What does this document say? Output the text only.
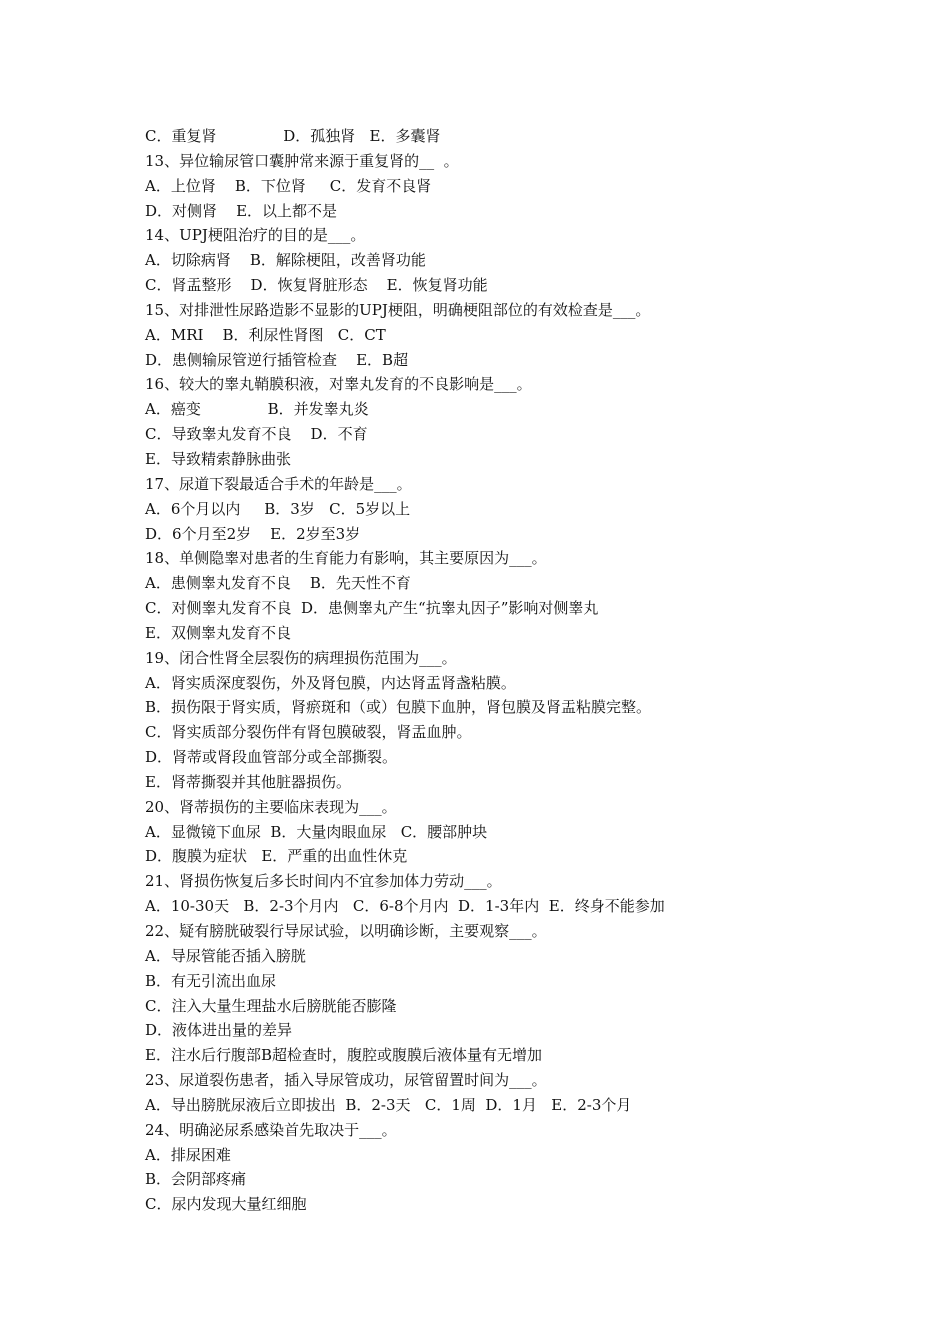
C．重复肾              D．孤独肾   E．多囊肾
13、异位输尿管口囊肿常来源于重复肾的__  。
A．上位肾    B．下位肾     C．发育不良肾
D．对侧肾    E．以上都不是
14、UPJ梗阻治疗的目的是___。
A．切除病肾    B．解除梗阻，改善肾功能
C．肾盂整形    D．恢复肾脏形态    E．恢复肾功能
15、对排泄性尿路造影不显影的UPJ梗阻，明确梗阻部位的有效检查是___。
A．MRI    B．利尿性肾图   C．CT
D．患侧输尿管逆行插管检查    E．B超
16、较大的睾丸鞘膜积液，对睾丸发育的不良影响是___。
A．癌变              B．并发睾丸炎
C．导致睾丸发育不良    D．不育
E．导致精索静脉曲张
17、尿道下裂最适合手术的年龄是___。
A．6个月以内     B．3岁   C．5岁以上
D．6个月至2岁    E．2岁至3岁
18、单侧隐睾对患者的生育能力有影响，其主要原因为___。
A．患侧睾丸发育不良    B．先天性不育
C．对侧睾丸发育不良  D．患侧睾丸产生“抗睾丸因子”影响对侧睾丸
E．双侧睾丸发育不良
19、闭合性肾全层裂伤的病理损伤范围为___。
A．肾实质深度裂伤，外及肾包膜，内达肾盂肾盏粘膜。
B．损伤限于肾实质，肾瘀斑和（或）包膜下血肿，肾包膜及肾盂粘膜完整。
C．肾实质部分裂伤伴有肾包膜破裂，肾盂血肿。
D．肾蒂或肾段血管部分或全部撕裂。
E．肾蒂撕裂并其他脏器损伤。
20、肾蒂损伤的主要临床表现为___。
A．显微镜下血尿  B．大量肉眼血尿   C．腰部肿块
D．腹膜为症状   E．严重的出血性休克
21、肾损伤恢复后多长时间内不宜参加体力劳动___。
A．10-30天   B．2-3个月内   C．6-8个月内  D．1-3年内  E．终身不能参加
22、疑有膀胱破裂行导尿试验，以明确诊断，主要观察___。
A．导尿管能否插入膀胱
B．有无引流出血尿
C．注入大量生理盐水后膀胱能否膨隆
D．液体进出量的差异
E．注水后行腹部B超检查时，腹腔或腹膜后液体量有无增加
23、尿道裂伤患者，插入导尿管成功，尿管留置时间为___。
A．导出膀胱尿液后立即拔出  B．2-3天   C．1周  D．1月   E．2-3个月
24、明确泌尿系感染首先取决于___。
A．排尿困难
B．会阴部疼痛
C．尿内发现大量红细胞
